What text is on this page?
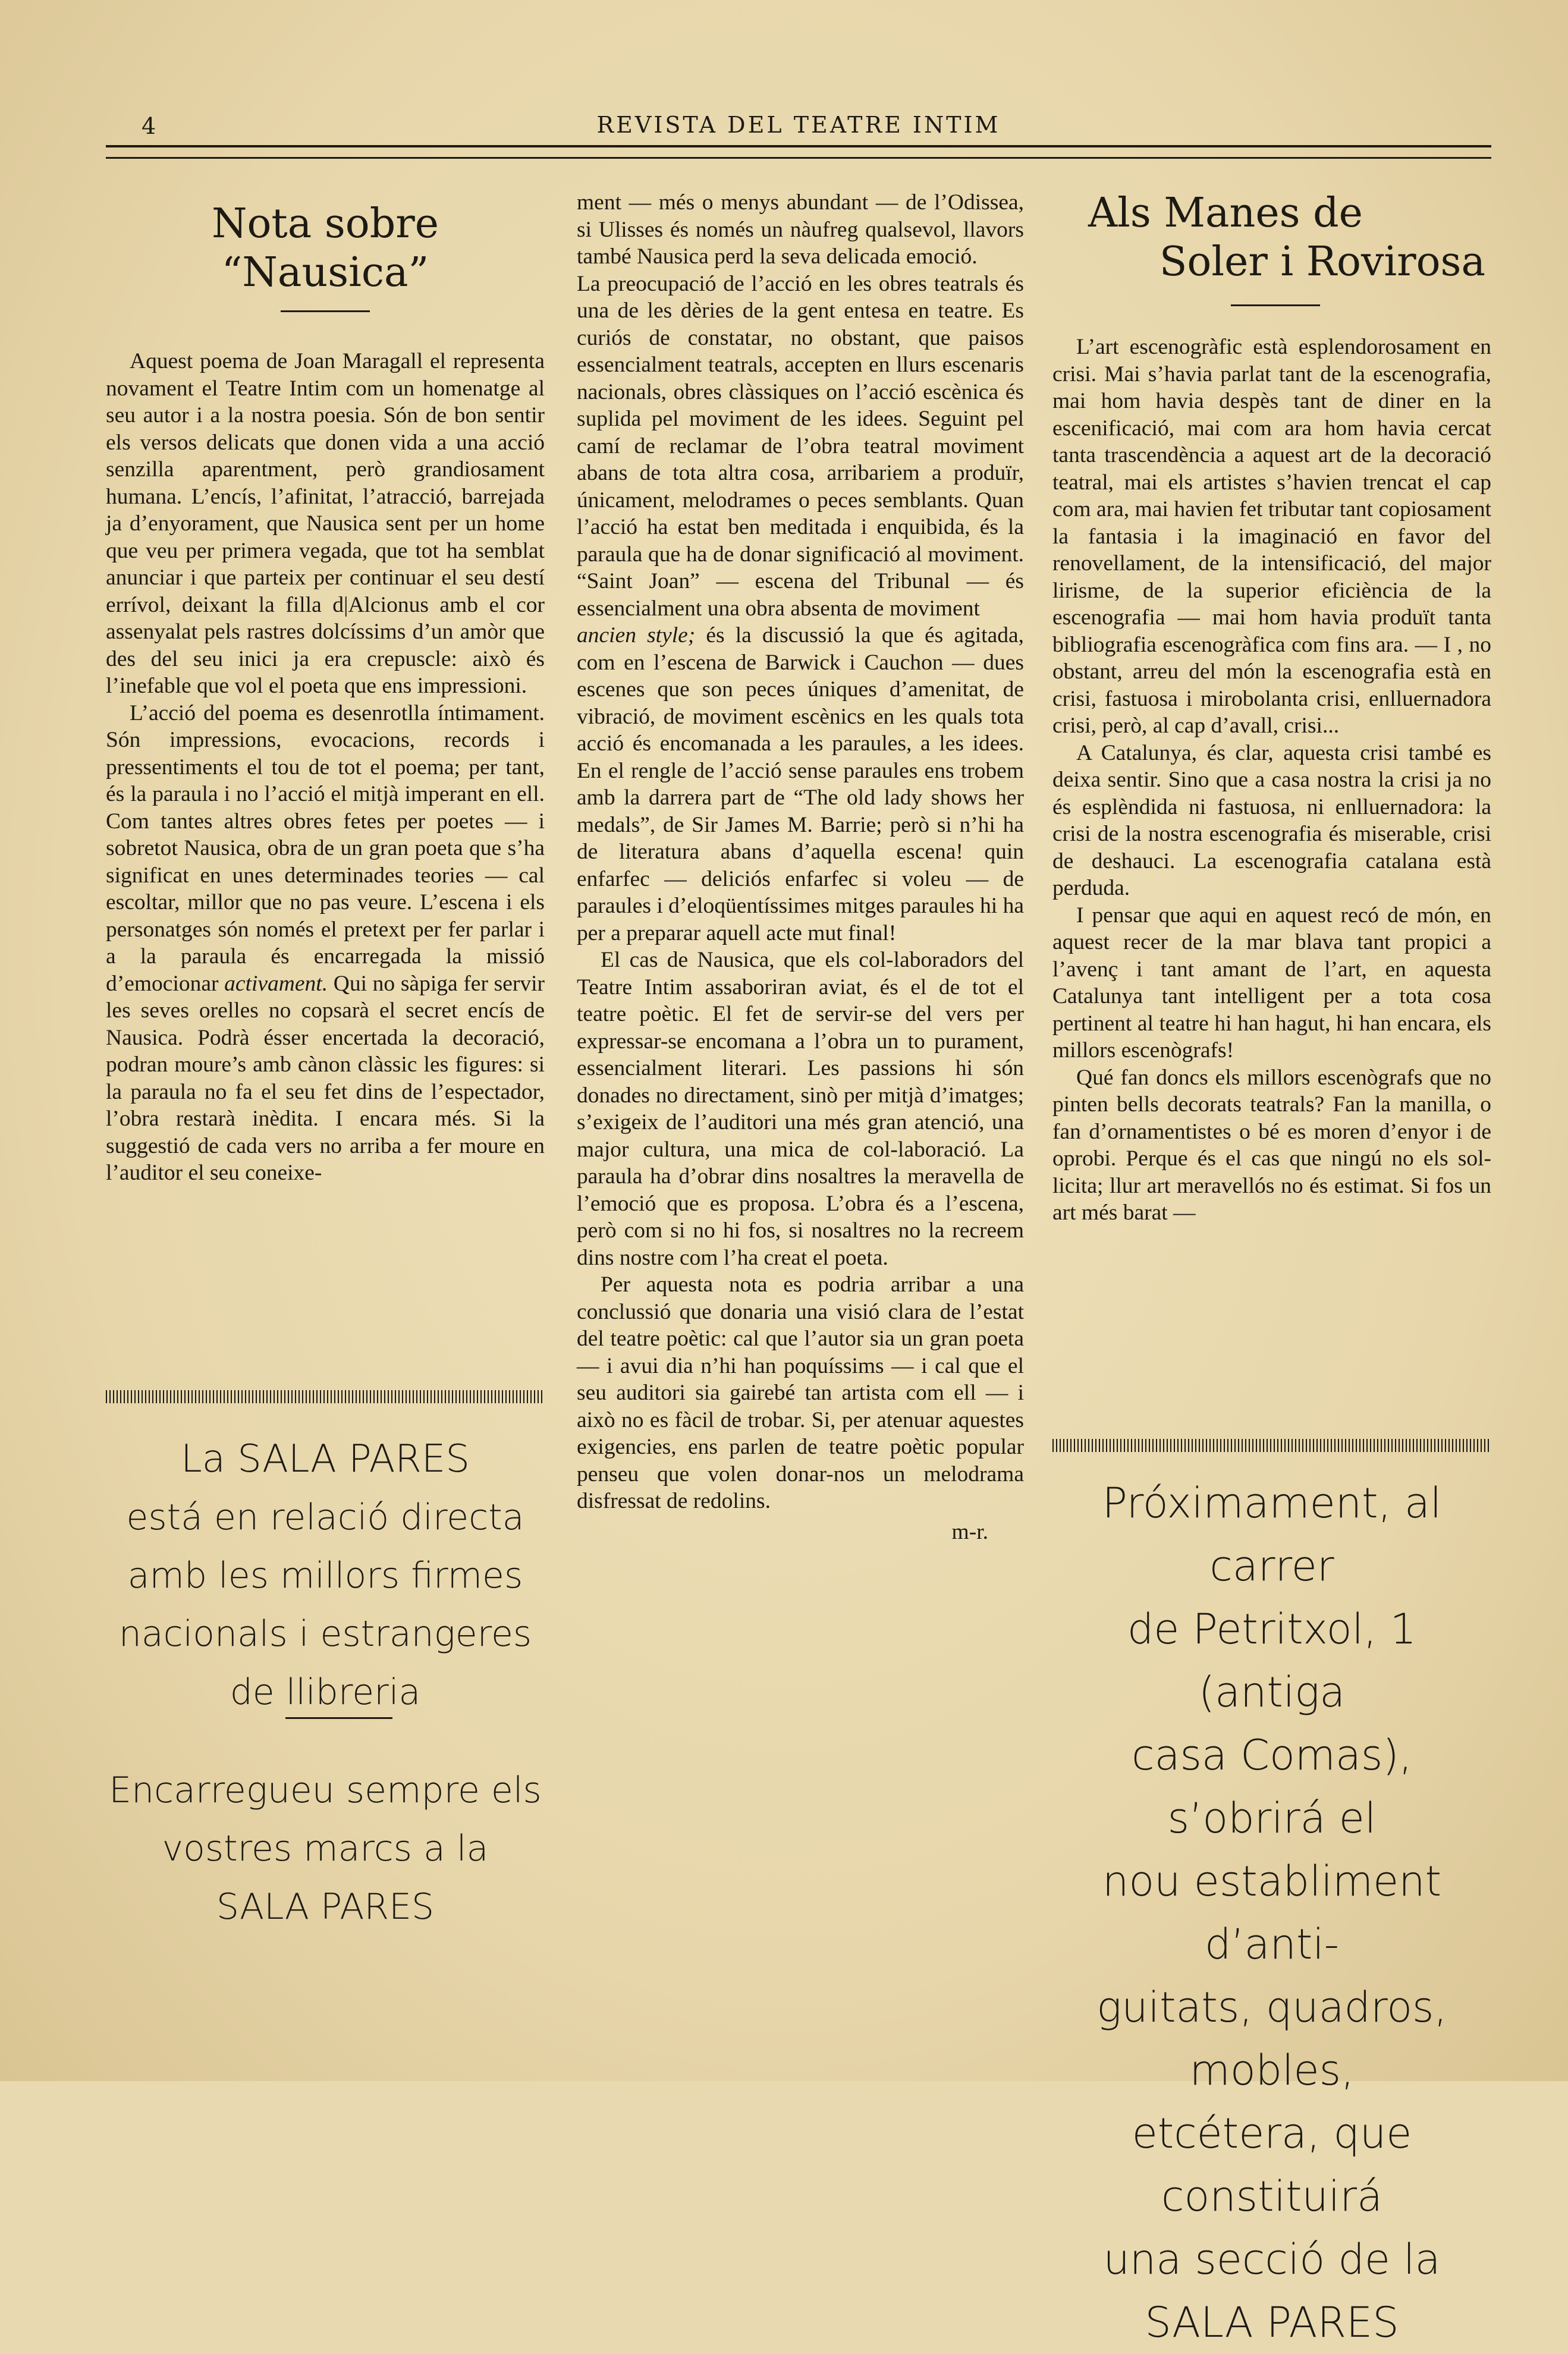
4	REVISTA DEL TEATRE INTIM
Nota sobre “Nausica”

Aquest poema de Joan Maragall el representa novament el Teatre Intim com un homenatge al seu autor i a la nostra poesia. Són de bon sentir els versos delicats que donen vida a una acció senzilla aparentment, però grandiosament humana. L’encís, l’afinitat, l’atracció, barrejada ja d’enyorament, que Nausica sent per un home que veu per primera vegada, que tot ha semblat anunciar i que parteix per continuar el seu destí errívol, deixant la filla d|Alcionus amb el cor assenyalat pels rastres dolcíssims d’un amòr que des del seu inici ja era crepuscle: això és l’inefable que vol el poeta que ens impressioni.

L’acció del poema es desenrotlla íntimament. Són impressions, evocacions, records i pressentiments el tou de tot el poema; per tant, és la paraula i no l’acció el mitjà imperant en ell. Com tantes altres obres fetes per poetes — i sobretot Nausica, obra de un gran poeta que s’ha significat en unes determinades teories — cal escoltar, millor que no pas veure. L’escena i els personatges són només el pretext per fer parlar i a la paraula és encarregada la missió d’emocionar activament. Qui no sàpiga fer servir les seves orelles no copsarà el secret encís de Nausica. Podrà ésser encertada la decoració, podran moure’s amb cànon clàssic les figures: si la paraula no fa el seu fet dins de l’espectador, l’obra restarà inèdita. I encara més. Si la suggestió de cada vers no arriba a fer moure en l’auditor el seu coneixe-

La SALA PARES
está en relació directa
amb les millors firmes
nacionals i estrangeres
de llibreria
Encarregueu sempre els
vostres marcs a la
SALA PARES

ment — més o menys abundant — de l’Odissea, si Ulisses és només un nàufreg qualsevol, llavors també Nausica perd la seva delicada emoció.

La preocupació de l’acció en les obres teatrals és una de les dèries de la gent entesa en teatre. Es curiós de constatar, no obstant, que paisos essencialment teatrals, accepten en llurs escenaris nacionals, obres clàssiques on l’acció escènica és suplida pel moviment de les idees. Seguint pel camí de reclamar de l’obra teatral moviment abans de tota altra cosa, arribariem a produïr, únicament, melodrames o peces semblants. Quan l’acció ha estat ben meditada i enquibida, és la paraula que ha de donar significació al moviment. “Saint Joan” — escena del Tribunal — és essencialment una obra absenta de moviment

ancien style; és la discussió la que és agitada, com en l’escena de Barwick i Cauchon — dues escenes que son peces úniques d’amenitat, de vibració, de moviment escènics en les quals tota acció és encomanada a les paraules, a les idees. En el rengle de l’acció sense paraules ens trobem amb la darrera part de “The old lady shows her medals”, de Sir James M. Barrie; però si n’hi ha de literatura abans d’aquella escena! quin enfarfec — deliciós enfarfec si voleu — de paraules i d’eloqüentíssimes mitges paraules hi ha per a preparar aquell acte mut final!

El cas de Nausica, que els col-laboradors del Teatre Intim assaboriran aviat, és el de tot el teatre poètic. El fet de servir-se del vers per expressar-se encomana a l’obra un to purament, essencialment literari. Les passions hi són donades no directament, sinò per mitjà d’imatges; s’exigeix de l’auditori una més gran atenció, una major cultura, una mica de col-laboració. La paraula ha d’obrar dins nosaltres la meravella de l’emoció que es proposa. L’obra és a l’escena, però com si no hi fos, si nosaltres no la recreem dins nostre com l’ha creat el poeta.

Per aquesta nota es podria arribar a una conclussió que donaria una visió clara de l’estat del teatre poètic: cal que l’autor sia un gran poeta — i avui dia n’hi han poquíssims — i cal que el seu auditori sia gairebé tan artista com ell — i això no es fàcil de trobar. Si, per atenuar aquestes exigencies, ens parlen de teatre poètic popular penseu que volen donar-nos un melodrama disfressat de redolins.

m-r.
Als Manes de
Soler i Rovirosa

L’art escenogràfic està esplendorosament en crisi. Mai s’havia parlat tant de la escenografia, mai hom havia despès tant de diner en la escenificació, mai com ara hom havia cercat tanta trascendència a aquest art de la decoració teatral, mai els artistes s’havien trencat el cap com ara, mai havien fet tributar tant copiosament la fantasia i la imaginació en favor del renovellament, de la intensificació, del major lirisme, de la superior eficiència de la escenografia — mai hom havia produït tanta bibliografia escenogràfica com fins ara. — I , no obstant, arreu del món la escenografia està en crisi, fastuosa i mirobolanta crisi, enlluernadora crisi, però, al cap d’avall, crisi...

A Catalunya, és clar, aquesta crisi també es deixa sentir. Sino que a casa nostra la crisi ja no és esplèndida ni fastuosa, ni enlluernadora: la crisi de la nostra escenografia és miserable, crisi de deshauci. La escenografia catalana està perduda.

I pensar que aqui en aquest recó de món, en aquest recer de la mar blava tant propici a l’avenç i tant amant de l’art, en aquesta Catalunya tant intelligent per a tota cosa pertinent al teatre hi han hagut, hi han encara, els millors escenògrafs!

Qué fan doncs els millors escenògrafs que no pinten bells decorats teatrals? Fan la manilla, o fan d’ornamentistes o bé es moren d’enyor i de oprobi. Perque és el cas que ningú no els sol-licita; llur art meravellós no és estimat. Si fos un art més barat —

Próximament, al carrer
de Petritxol, 1 (antiga
casa Comas), s’obrirá el
nou establiment d’anti-
guitats, quadros, mobles,
etcétera, que constituirá
una secció de la
SALA PARES
